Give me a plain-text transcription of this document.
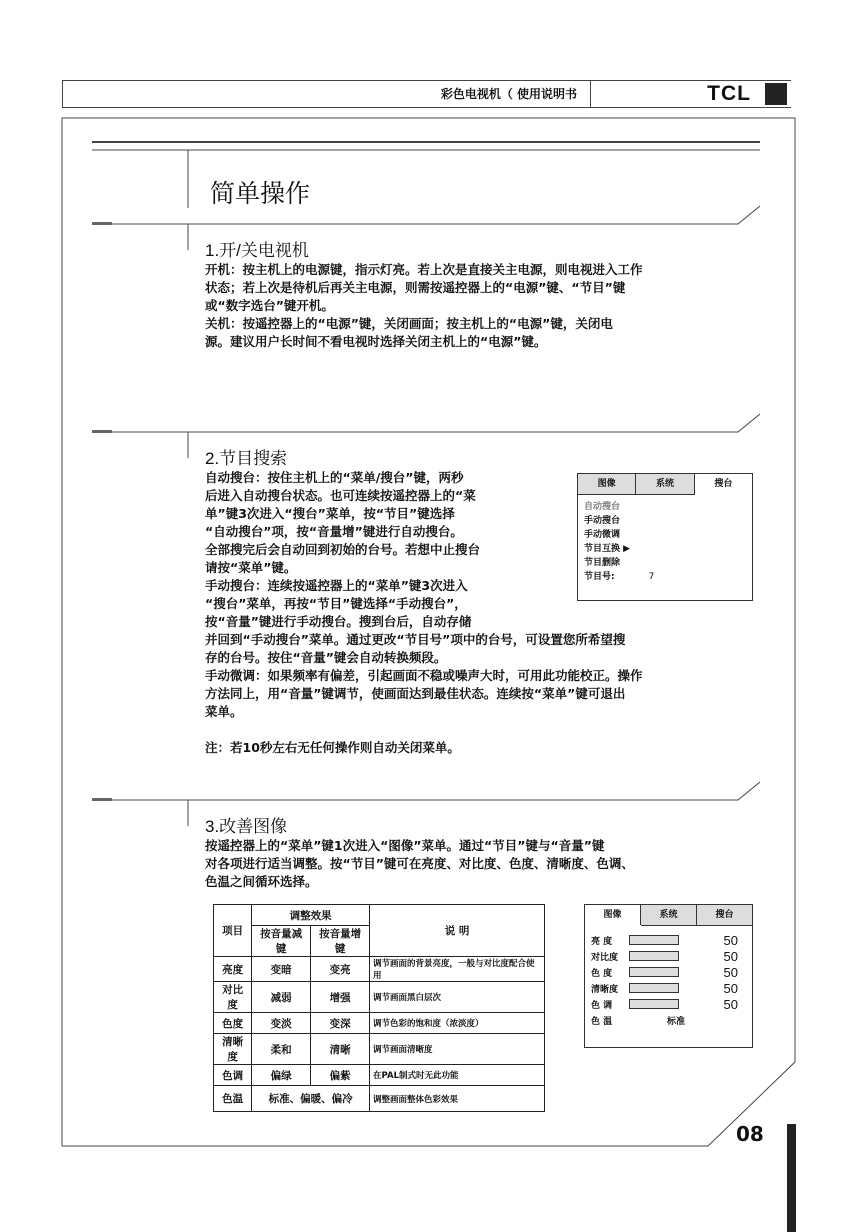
彩色电视机（ 使用说明书	TCL
简单操作
1.开/关电视机

开机：按主机上的电源键，指示灯亮。若上次是直接关主电源，则电视进入工作

状态；若上次是待机后再关主电源，则需按遥控器上的“电源”键、“节目”键

或“数字选台”键开机。

关机：按遥控器上的“电源”键，关闭画面；按主机上的“电源”键，关闭电

源。建议用户长时间不看电视时选择关闭主机上的“电源”键。

2.节目搜索

自动搜台：按住主机上的“菜单/搜台”键，两秒

后进入自动搜台状态。也可连续按遥控器上的“菜

单”键3次进入“搜台”菜单，按“节目”键选择

“自动搜台”项，按“音量增”键进行自动搜台。

全部搜完后会自动回到初始的台号。若想中止搜台

请按“菜单”键。

手动搜台：连续按遥控器上的“菜单”键3次进入

“搜台”菜单，再按“节目”键选择“手动搜台”，

按“音量”键进行手动搜台。搜到台后，自动存储

并回到“手动搜台”菜单。通过更改“节目号”项中的台号，可设置您所希望搜

存的台号。按住“音量”键会自动转换频段。

手动微调：如果频率有偏差，引起画面不稳或噪声大时，可用此功能校正。操作

方法同上，用“音量”键调节，使画面达到最佳状态。连续按“菜单”键可退出

菜单。

注：若10秒左右无任何操作则自动关闭菜单。

图像	系统	搜台
自动搜台
手动搜台
手动微调
节目互换 ▶
节目删除
节目号:	7
3.改善图像

按遥控器上的“菜单”键1次进入“图像”菜单。通过“节目”键与“音量”键

对各项进行适当调整。按“节目”键可在亮度、对比度、色度、清晰度、色调、

色温之间循环选择。

项目	调整效果		说 明
	按音量减键	按音量增键	
亮度	变暗	变亮	调节画面的背景亮度，一般与对比度配合使用
对比度	减弱	增强	调节画面黑白层次
色度	变淡	变深	调节色彩的饱和度（浓淡度）
清晰度	柔和	清晰	调节画面清晰度
色调	偏绿	偏紫	在PAL制式时无此功能
色温	标准、偏暖、偏冷		调整画面整体色彩效果
图像	系统	搜台
亮 度	50
对比度	50
色 度	50
清晰度	50
色 调	50
色 温	标准
08
